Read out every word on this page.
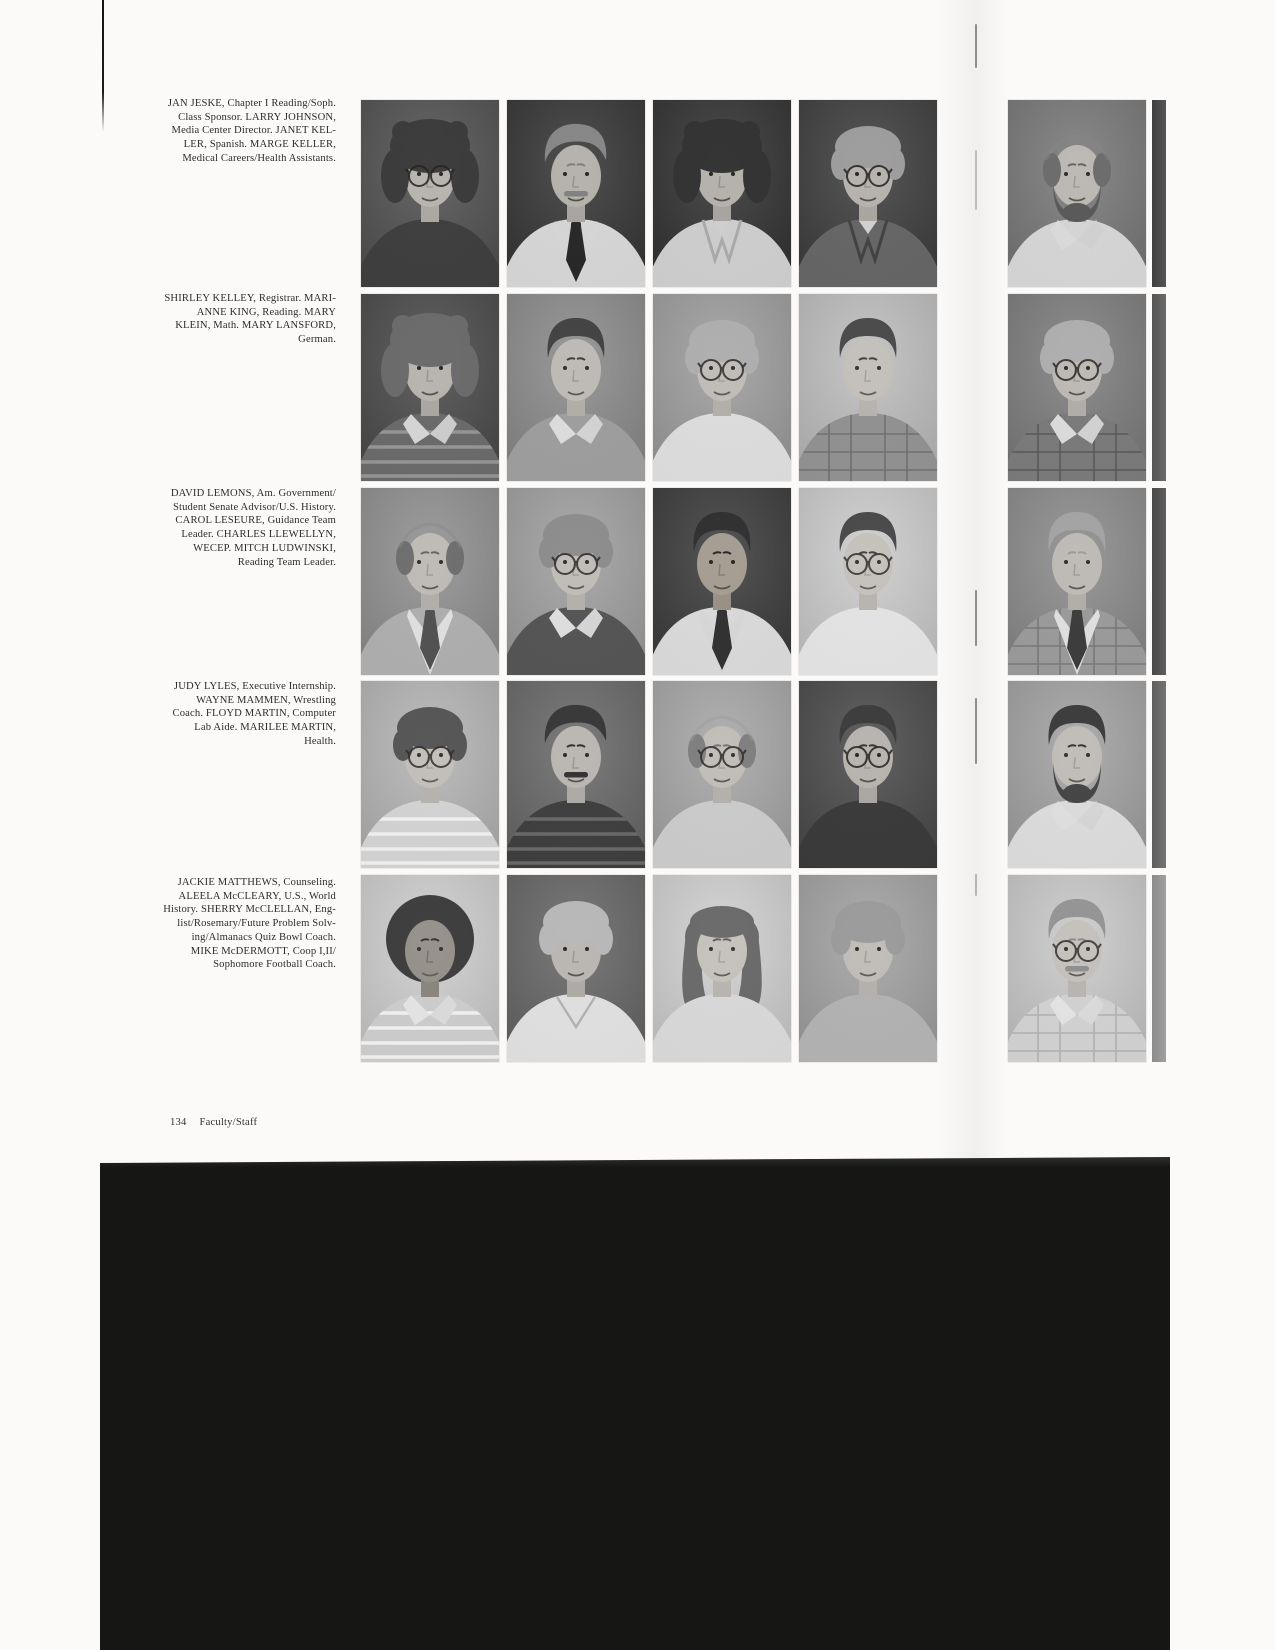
JAN JESKE, Chapter I Reading/Soph.
Class Sponsor. LARRY JOHNSON,
Media Center Director. JANET KEL-
LER, Spanish. MARGE KELLER,
Medical Careers/Health Assistants.
SHIRLEY KELLEY, Registrar. MARI-
ANNE KING, Reading. MARY
KLEIN, Math. MARY LANSFORD,
German.
DAVID LEMONS, Am. Government/
Student Senate Advisor/U.S. History.
CAROL LESEURE, Guidance Team
Leader. CHARLES LLEWELLYN,
WECEP. MITCH LUDWINSKI,
Reading Team Leader.
JUDY LYLES, Executive Internship.
WAYNE MAMMEN, Wrestling
Coach. FLOYD MARTIN, Computer
Lab Aide. MARILEE MARTIN,
Health.
JACKIE MATTHEWS, Counseling.
ALEELA McCLEARY, U.S., World
History. SHERRY McCLELLAN, Eng-
list/Rosemary/Future Problem Solv-
ing/Almanacs Quiz Bowl Coach.
MIKE McDERMOTT, Coop I,II/
Sophomore Football Coach.
134 Faculty/Staff
